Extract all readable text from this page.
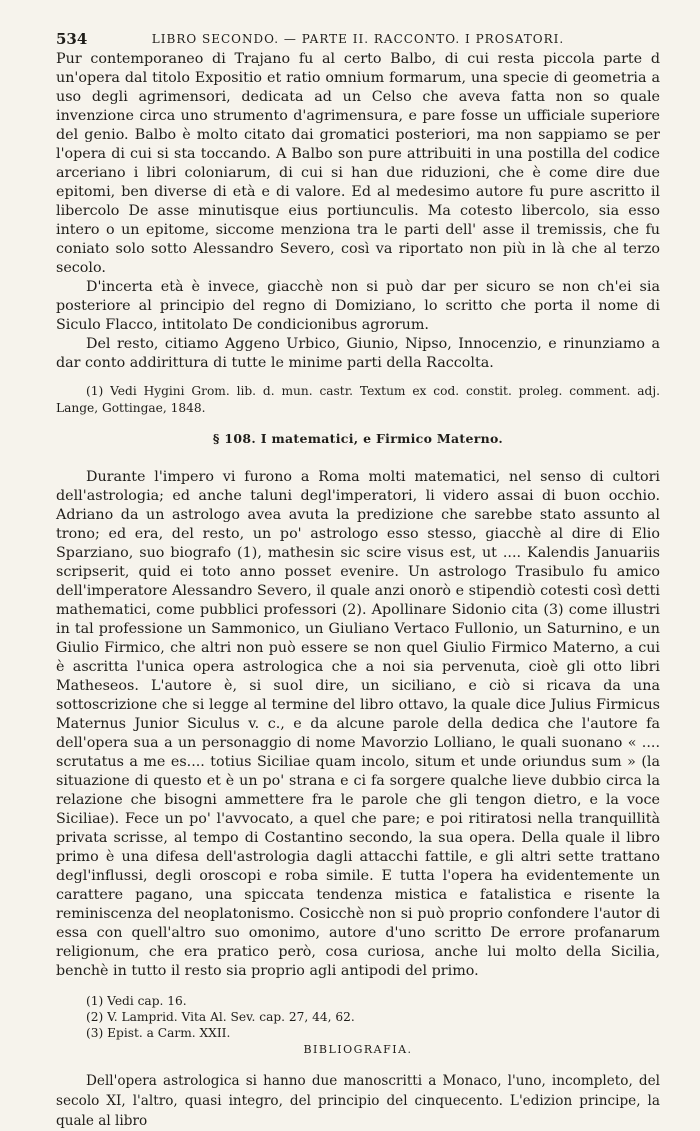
534	LIBRO SECONDO. — PARTE II. RACCONTO. I PROSATORI.

Pur contemporaneo di Trajano fu al certo Balbo, di cui resta piccola parte d un'opera dal titolo Expositio et ratio omnium formarum, una specie di geometria a uso degli agrimensori, dedicata ad un Celso che aveva fatta non so quale invenzione circa uno strumento d'agrimensura, e pare fosse un ufficiale superiore del genio. Balbo è molto citato dai gromatici posteriori, ma non sappiamo se per l'opera di cui si sta toccando. A Balbo son pure attribuiti in una postilla del codice arceriano i libri coloniarum, di cui si han due riduzioni, che è come dire due epitomi, ben diverse di età e di valore. Ed al medesimo autore fu pure ascritto il libercolo De asse minutisque eius portiunculis. Ma cotesto libercolo, sia esso intero o un epitome, siccome menziona tra le parti dell' asse il tremissis, che fu coniato solo sotto Alessandro Severo, così va riportato non più in là che al terzo secolo.

D'incerta età è invece, giacchè non si può dar per sicuro se non ch'ei sia posteriore al principio del regno di Domiziano, lo scritto che porta il nome di Siculo Flacco, intitolato De condicionibus agrorum.

Del resto, citiamo Aggeno Urbico, Giunio, Nipso, Innocenzio, e rinunziamo a dar conto addirittura di tutte le minime parti della Raccolta.

(1) Vedi Hygini Grom. lib. d. mun. castr. Textum ex cod. constit. proleg. comment. adj. Lange, Gottingae, 1848.

§ 108. I matematici, e Firmico Materno.

Durante l'impero vi furono a Roma molti matematici, nel senso di cultori dell'astrologia; ed anche taluni degl'imperatori, li videro assai di buon occhio. Adriano da un astrologo avea avuta la predizione che sarebbe stato assunto al trono; ed era, del resto, un po' astrologo esso stesso, giacchè al dire di Elio Sparziano, suo biografo (1), mathesin sic scire visus est, ut .... Kalendis Januariis scripserit, quid ei toto anno posset evenire. Un astrologo Trasibulo fu amico dell'imperatore Alessandro Severo, il quale anzi onorò e stipendiò cotesti così detti mathematici, come pubblici professori (2). Apollinare Sidonio cita (3) come illustri in tal professione un Sammonico, un Giuliano Vertaco Fullonio, un Saturnino, e un Giulio Firmico, che altri non può essere se non quel Giulio Firmico Materno, a cui è ascritta l'unica opera astrologica che a noi sia pervenuta, cioè gli otto libri Matheseos. L'autore è, si suol dire, un siciliano, e ciò si ricava da una sottoscrizione che si legge al termine del libro ottavo, la quale dice Julius Firmicus Maternus Junior Siculus v. c., e da alcune parole della dedica che l'autore fa dell'opera sua a un personaggio di nome Mavorzio Lolliano, le quali suonano « .... scrutatus a me es.... totius Siciliae quam incolo, situm et unde oriundus sum » (la situazione di questo et è un po' strana e ci fa sorgere qualche lieve dubbio circa la relazione che bisogni ammettere fra le parole che gli tengon dietro, e la voce Siciliae). Fece un po' l'avvocato, a quel che pare; e poi ritiratosi nella tranquillità privata scrisse, al tempo di Costantino secondo, la sua opera. Della quale il libro primo è una difesa dell'astrologia dagli attacchi fattile, e gli altri sette trattano degl'influssi, degli oroscopi e roba simile. E tutta l'opera ha evidentemente un carattere pagano, una spiccata tendenza mistica e fatalistica e risente la reminiscenza del neoplatonismo. Cosicchè non si può proprio confondere l'autor di essa con quell'altro suo omonimo, autore d'uno scritto De errore profanarum religionum, che era pratico però, cosa curiosa, anche lui molto della Sicilia, benchè in tutto il resto sia proprio agli antipodi del primo.

(1) Vedi cap. 16.

(2) V. Lamprid. Vita Al. Sev. cap. 27, 44, 62.

(3) Epist. a Carm. XXII.

BIBLIOGRAFIA.

Dell'opera astrologica si hanno due manoscritti a Monaco, l'uno, incompleto, del secolo XI, l'altro, quasi integro, del principio del cinquecento. L'edizion principe, la quale al libro
